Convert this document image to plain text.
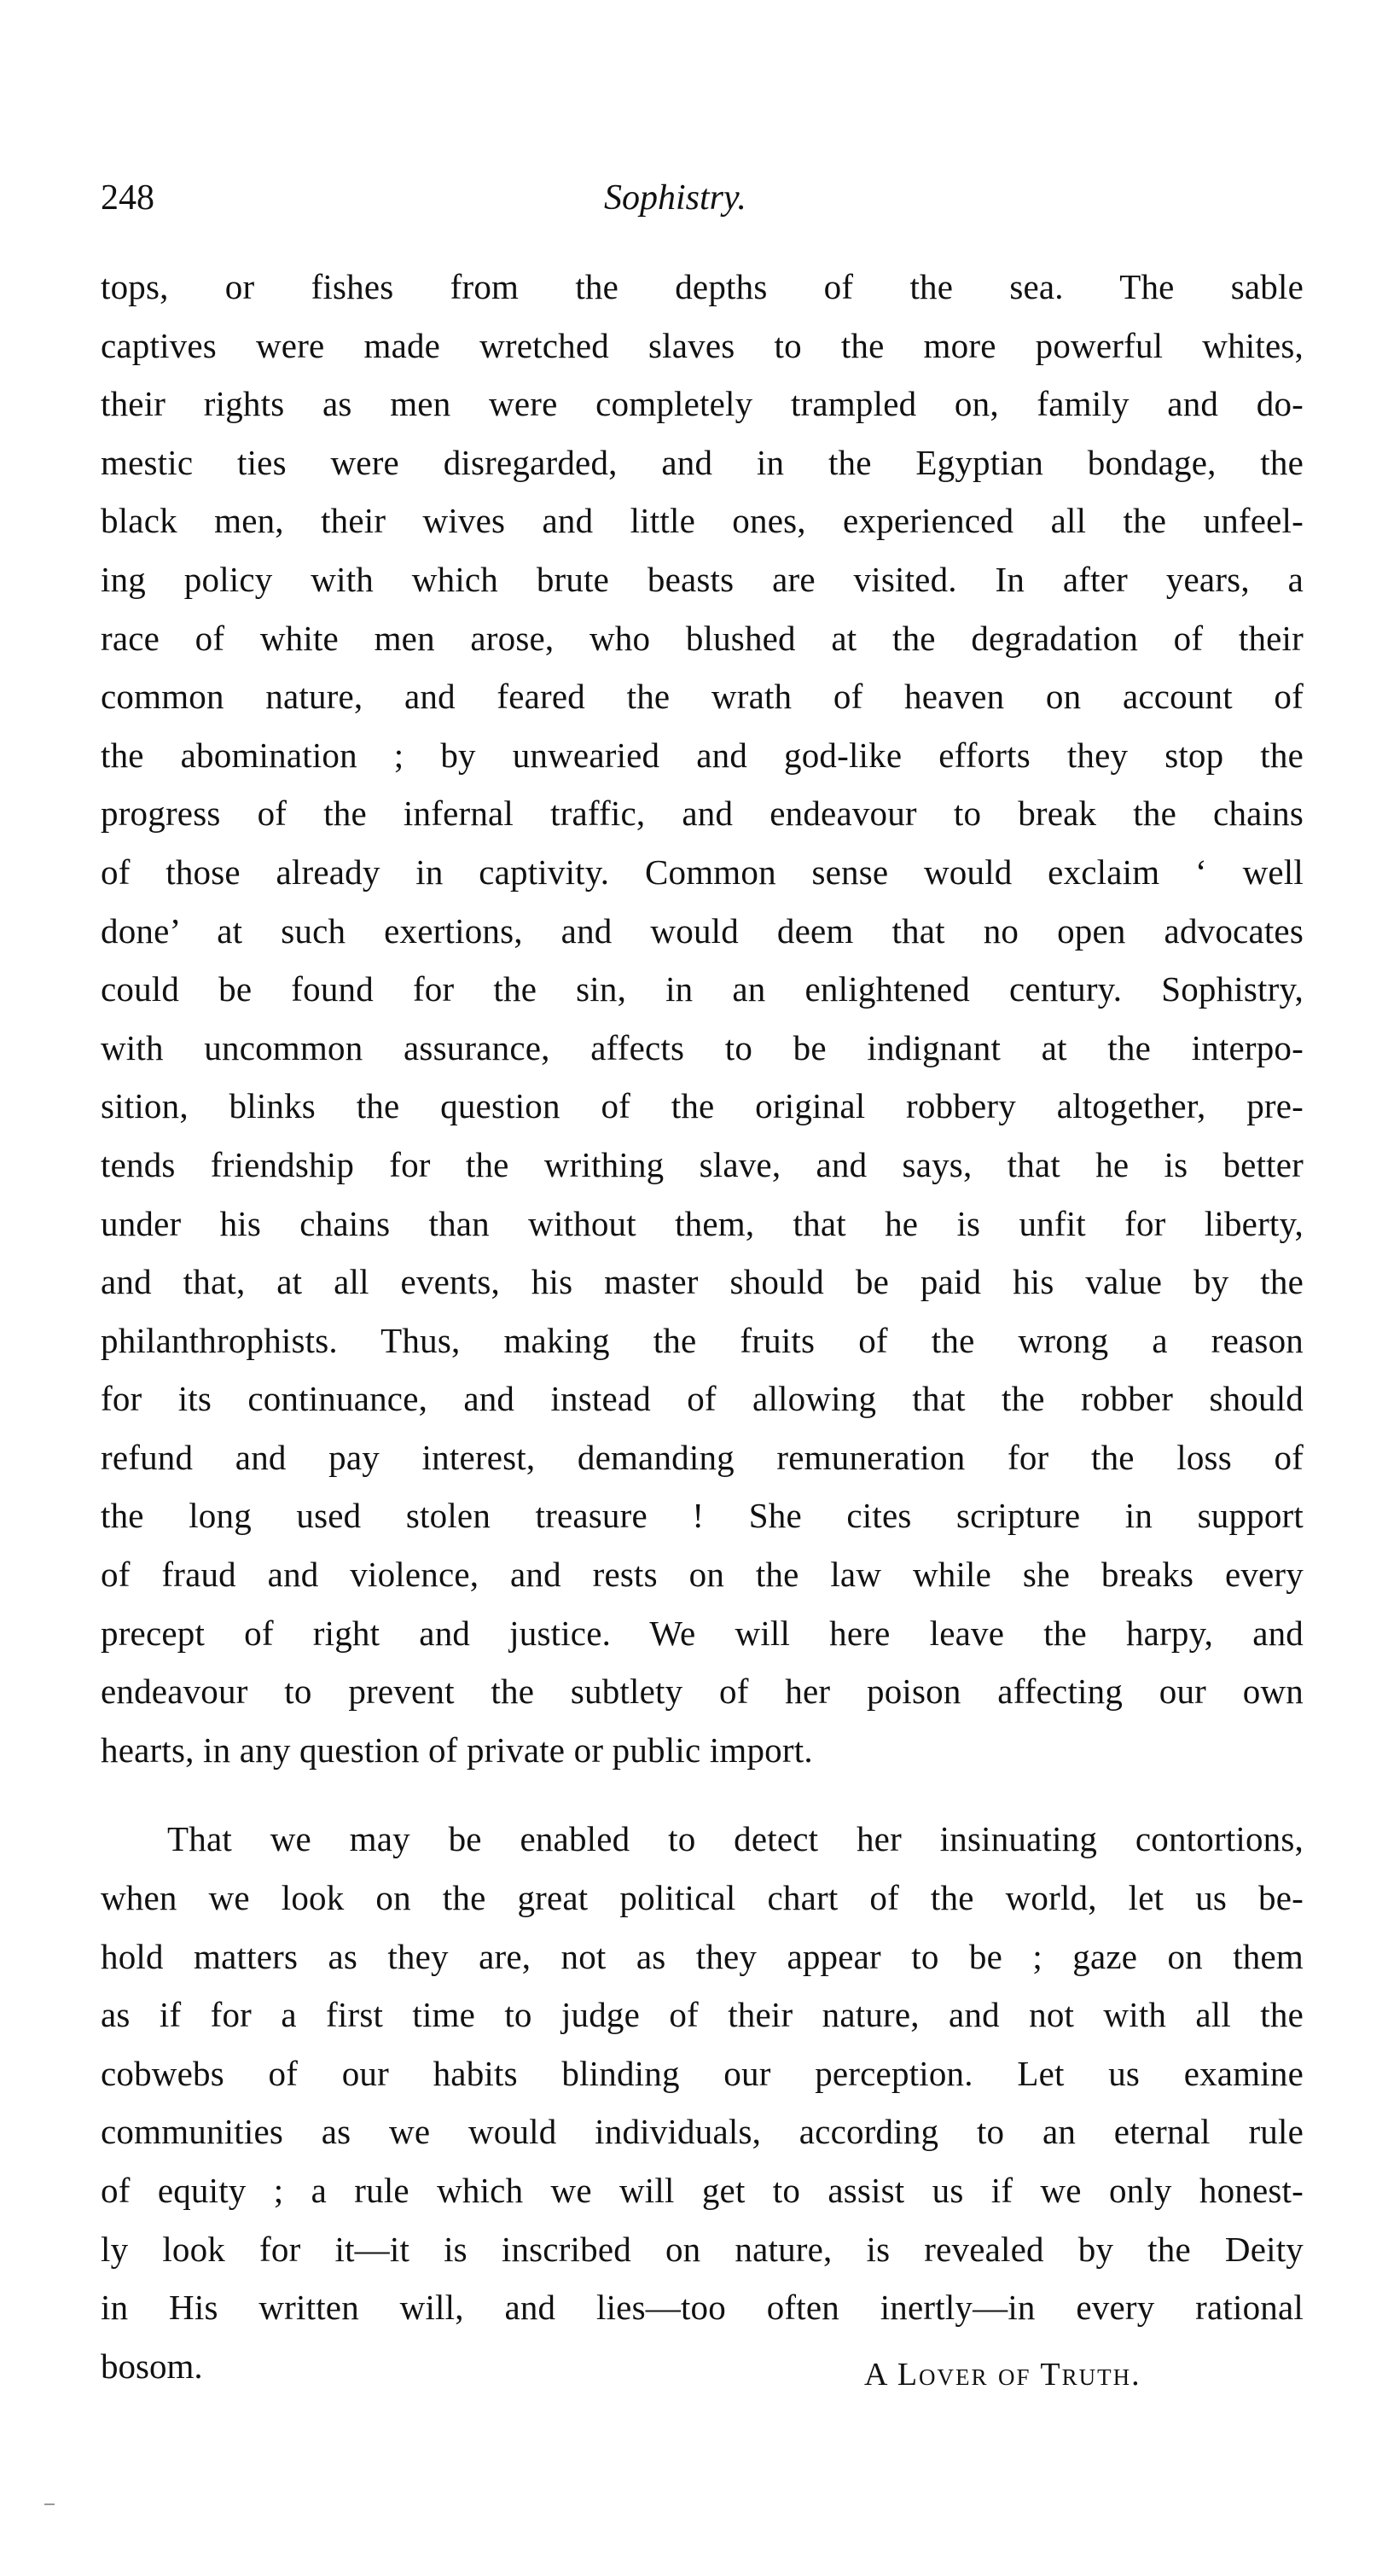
248	Sophistry.
tops, or fishes from the depths of the sea. The sable
captives were made wretched slaves to the more powerful whites,
their rights as men were completely trampled on, family and do-
mestic ties were disregarded, and in the Egyptian bondage, the
black men, their wives and little ones, experienced all the unfeel-
ing policy with which brute beasts are visited. In after years, a
race of white men arose, who blushed at the degradation of their
common nature, and feared the wrath of heaven on account of
the abomination ; by unwearied and god-like efforts they stop the
progress of the infernal traffic, and endeavour to break the chains
of those already in captivity. Common sense would exclaim ‘ well
done’ at such exertions, and would deem that no open advocates
could be found for the sin, in an enlightened century. Sophistry,
with uncommon assurance, affects to be indignant at the interpo-
sition, blinks the question of the original robbery altogether, pre-
tends friendship for the writhing slave, and says, that he is better
under his chains than without them, that he is unfit for liberty,
and that, at all events, his master should be paid his value by the
philanthrophists. Thus, making the fruits of the wrong a reason
for its continuance, and instead of allowing that the robber should
refund and pay interest, demanding remuneration for the loss of
the long used stolen treasure ! She cites scripture in support
of fraud and violence, and rests on the law while she breaks every
precept of right and justice. We will here leave the harpy, and
endeavour to prevent the subtlety of her poison affecting our own
hearts, in any question of private or public import.
That we may be enabled to detect her insinuating contortions,
when we look on the great political chart of the world, let us be-
hold matters as they are, not as they appear to be ; gaze on them
as if for a first time to judge of their nature, and not with all the
cobwebs of our habits blinding our perception. Let us examine
communities as we would individuals, according to an eternal rule
of equity ; a rule which we will get to assist us if we only honest-
ly look for it—it is inscribed on nature, is revealed by the Deity
in His written will, and lies—too often inertly—in every rational
bosom.	A Lover of Truth.
